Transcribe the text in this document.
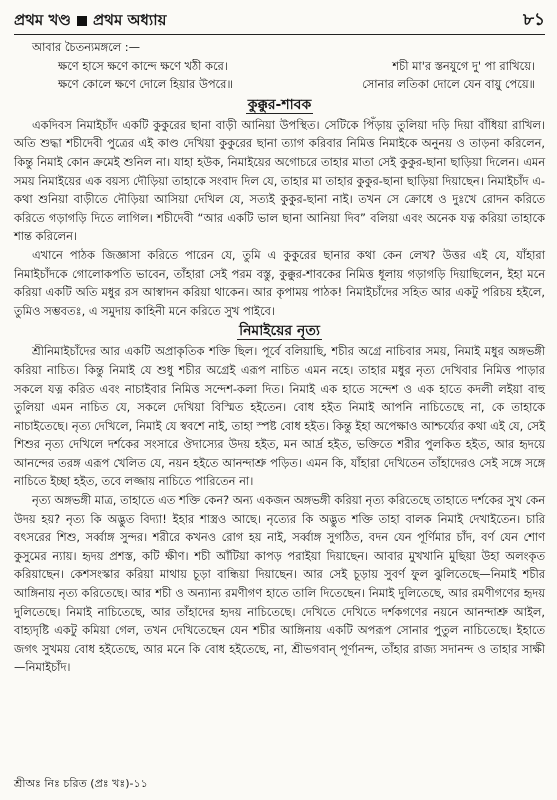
প্রথম খণ্ড প্রথম অধ্যায়	৮১
আবার চৈতন্যমঙ্গলে :—
ক্ষণে হাসে ক্ষণে কান্দে ক্ষণে খঠী করে।	শচী মা'র স্তনযুগে দু' পা রাখিয়ে।
ক্ষণে কোলে ক্ষণে দোলে হিয়ার উপরে॥	সোনার লতিকা দোলে যেন বায়ু পেয়ে॥
কুক্কুর-শাবক

একদিবস নিমাইচাঁদ একটি কুকুরের ছানা বাড়ী আনিয়া উপস্থিত। সেটিকে পিঁড়ায় তুলিয়া দড়ি দিয়া বাঁধিয়া রাখিল। অতি শুদ্ধা শচীদেবী পুত্রের এই কাণ্ড দেখিয়া কুকুরের ছানা ত্যাগ করিবার নিমিত্ত নিমাইকে অনুনয় ও তাড়না করিলেন, কিন্তু নিমাই কোন ক্রমেই শুনিল না। যাহা হউক, নিমাইয়ের অগোচরে তাহার মাতা সেই কুকুর-ছানা ছাড়িয়া দিলেন। এমন সময় নিমাইয়ের এক বয়স্য দৌড়িয়া তাহাকে সংবাদ দিল যে, তাহার মা তাহার কুকুর-ছানা ছাড়িয়া দিয়াছেন। নিমাইচাঁদ এ-কথা শুনিয়া বাড়ীতে দৌড়িয়া আসিয়া দেখিল যে, সত্যই কুকুর-ছানা নাই। তখন সে ক্রোধে ও দুঃখে রোদন করিতে করিতে গড়াগড়ি দিতে লাগিল। শচীদেবী “আর একটি ভাল ছানা আনিয়া দিব” বলিয়া এবং অনেক যত্ন করিয়া তাহাকে শান্ত করিলেন।

এখানে পাঠক জিজ্ঞাসা করিতে পারেন যে, তুমি এ কুকুরের ছানার কথা কেন লেখ? উত্তর এই যে, যাঁহারা নিমাইচাঁদকে গোলোকপতি ভাবেন, তাঁহারা সেই পরম বস্তু, কুক্কুর-শাবকের নিমিত্ত ধূলায় গড়াগড়ি দিয়াছিলেন, ইহা মনে করিয়া একটি অতি মধুর রস আস্বাদন করিয়া থাকেন। আর কৃপাময় পাঠক! নিমাইচাঁদের সহিত আর একটু পরিচয় হইলে, তুমিও সম্ভবতঃ, এ সমুদায় কাহিনী মনে করিতে সুখ পাইবে।

নিমাইয়ের নৃত্য

শ্রীনিমাইচাঁদের আর একটি অপ্রাকৃতিক শক্তি ছিল। পূর্বে বলিয়াছি, শচীর অগ্রে নাচিবার সময়, নিমাই মধুর অঙ্গভঙ্গী করিয়া নাচিত। কিন্তু নিমাই যে শুধু শচীর অগ্রেই এরূপ নাচিত এমন নহে। তাহার মধুর নৃত্য দেখিবার নিমিত্ত পাড়ার সকলে যত্ন করিত এবং নাচাইবার নিমিত্ত সন্দেশ-কলা দিত। নিমাই এক হাতে সন্দেশ ও এক হাতে কদলী লইয়া বাহু তুলিয়া এমন নাচিত যে, সকলে দেখিয়া বিস্মিত হইতেন। বোধ হইত নিমাই আপনি নাচিতেছে না, কে তাহাকে নাচাইতেছে। নৃত্য দেখিলে, নিমাই যে স্ববশে নাই, তাহা স্পষ্ট বোধ হইত। কিন্তু ইহা অপেক্ষাও আশ্চর্য্যের কথা এই যে, সেই শিশুর নৃত্য দেখিলে দর্শকের সংসারে ঔদাস্যের উদয় হইত, মন আর্দ্র হইত, ভক্তিতে শরীর পুলকিত হইত, আর হৃদয়ে আনন্দের তরঙ্গ এরূপ খেলিত যে, নয়ন হইতে আনন্দাশ্রু পড়িত। এমন কি, যাঁহারা দেখিতেন তাঁহাদেরও সেই সঙ্গে সঙ্গে নাচিতে ইচ্ছা হইত, তবে লজ্জায় নাচিতে পারিতেন না।

নৃত্য অঙ্গভঙ্গী মাত্র, তাহাতে এত শক্তি কেন? অন্য একজন অঙ্গভঙ্গী করিয়া নৃত্য করিতেছে তাহাতে দর্শকের সুখ কেন উদয় হয়? নৃত্য কি অদ্ভুত বিদ্যা! ইহার শাস্ত্রও আছে। নৃত্যের কি অদ্ভুত শক্তি তাহা বালক নিমাই দেখাইতেন। চারি বৎসরের শিশু, সর্ব্বাঙ্গ সুন্দর। শরীরে কখনও রোগ হয় নাই, সর্ব্বাঙ্গ সুগঠিত, বদন যেন পূর্ণিমার চাঁদ, বর্ণ যেন শোণ কুসুমের ন্যায়। হৃদয় প্রশস্ত, কটি ক্ষীণ। শচী আঁটিয়া কাপড় পরাইয়া দিয়াছেন। আবার মুখখানি মুছিয়া উহা অলংকৃত করিয়াছেন। কেশসংস্কার করিয়া মাথায় চূড়া বান্ধিয়া দিয়াছেন। আর সেই চূড়ায় সুবর্ণ ফুল ঝুলিতেছে—নিমাই শচীর আঙ্গিনায় নৃত্য করিতেছে। আর শচী ও অন্যান্য রমণীগণ হাতে তালি দিতেছেন। নিমাই দুলিতেছে, আর রমণীগণের হৃদয় দুলিতেছে। নিমাই নাচিতেছে, আর তাঁহাদের হৃদয় নাচিতেছে। দেখিতে দেখিতে দর্শকগণের নয়নে আনন্দাশ্রু আইল, বাহ্যদৃষ্টি একটু কমিয়া গেল, তখন দেখিতেছেন যেন শচীর আঙ্গিনায় একটি অপরূপ সোনার পুতুল নাচিতেছে। ইহাতে জগৎ সুখময় বোধ হইতেছে, আর মনে কি বোধ হইতেছে, না, শ্রীভগবান্ পূর্ণানন্দ, তাঁহার রাজ্য সদানন্দ ও তাহার সাক্ষী—নিমাইচাঁদ।

শ্রীঅঃ নিঃ চরিত (প্রঃ খঃ)-১১
